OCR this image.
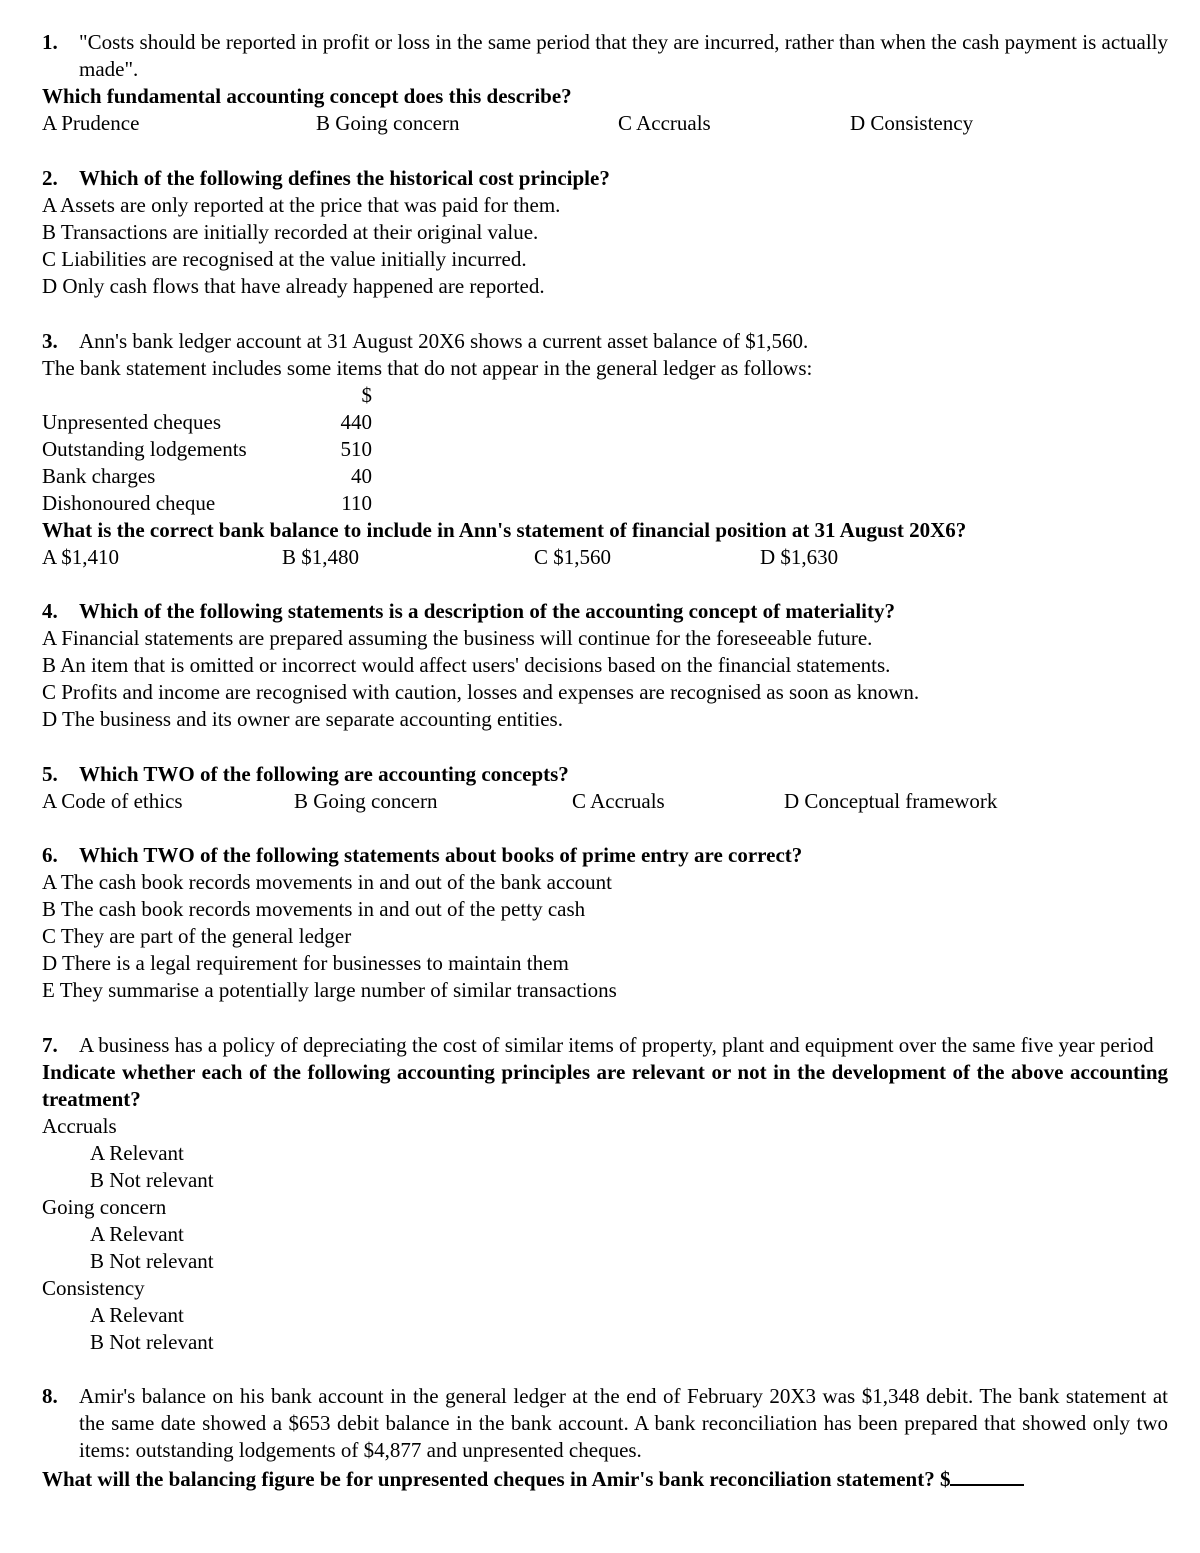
1.	"Costs should be reported in profit or loss in the same period that they are incurred, rather than when the cash payment is actually made".
Which fundamental accounting concept does this describe?
A Prudence	B Going concern	C Accruals	D Consistency
2.	Which of the following defines the historical cost principle?
A Assets are only reported at the price that was paid for them.
B Transactions are initially recorded at their original value.
C Liabilities are recognised at the value initially incurred.
D Only cash flows that have already happened are reported.
3.	Ann's bank ledger account at 31 August 20X6 shows a current asset balance of $1,560.
The bank statement includes some items that do not appear in the general ledger as follows:
$
Unpresented cheques	440
Outstanding lodgements	510
Bank charges	40
Dishonoured cheque	110
What is the correct bank balance to include in Ann's statement of financial position at 31 August 20X6?
A $1,410	B $1,480	C $1,560	D $1,630
4.	Which of the following statements is a description of the accounting concept of materiality?
A Financial statements are prepared assuming the business will continue for the foreseeable future.
B An item that is omitted or incorrect would affect users' decisions based on the financial statements.
C Profits and income are recognised with caution, losses and expenses are recognised as soon as known.
D The business and its owner are separate accounting entities.
5.	Which TWO of the following are accounting concepts?
A Code of ethics	B Going concern	C Accruals	D Conceptual framework
6.	Which TWO of the following statements about books of prime entry are correct?
A The cash book records movements in and out of the bank account
B The cash book records movements in and out of the petty cash
C They are part of the general ledger
D There is a legal requirement for businesses to maintain them
E They summarise a potentially large number of similar transactions
7.	A business has a policy of depreciating the cost of similar items of property, plant and equipment over the same five year period
Indicate whether each of the following accounting principles are relevant or not in the development of the above accounting treatment?
Accruals
A Relevant
B Not relevant
Going concern
A Relevant
B Not relevant
Consistency
A Relevant
B Not relevant
8.	Amir's balance on his bank account in the general ledger at the end of February 20X3 was $1,348 debit. The bank statement at the same date showed a $653 debit balance in the bank account. A bank reconciliation has been prepared that showed only two items: outstanding lodgements of $4,877 and unpresented cheques.
What will the balancing figure be for unpresented cheques in Amir's bank reconciliation statement? $
